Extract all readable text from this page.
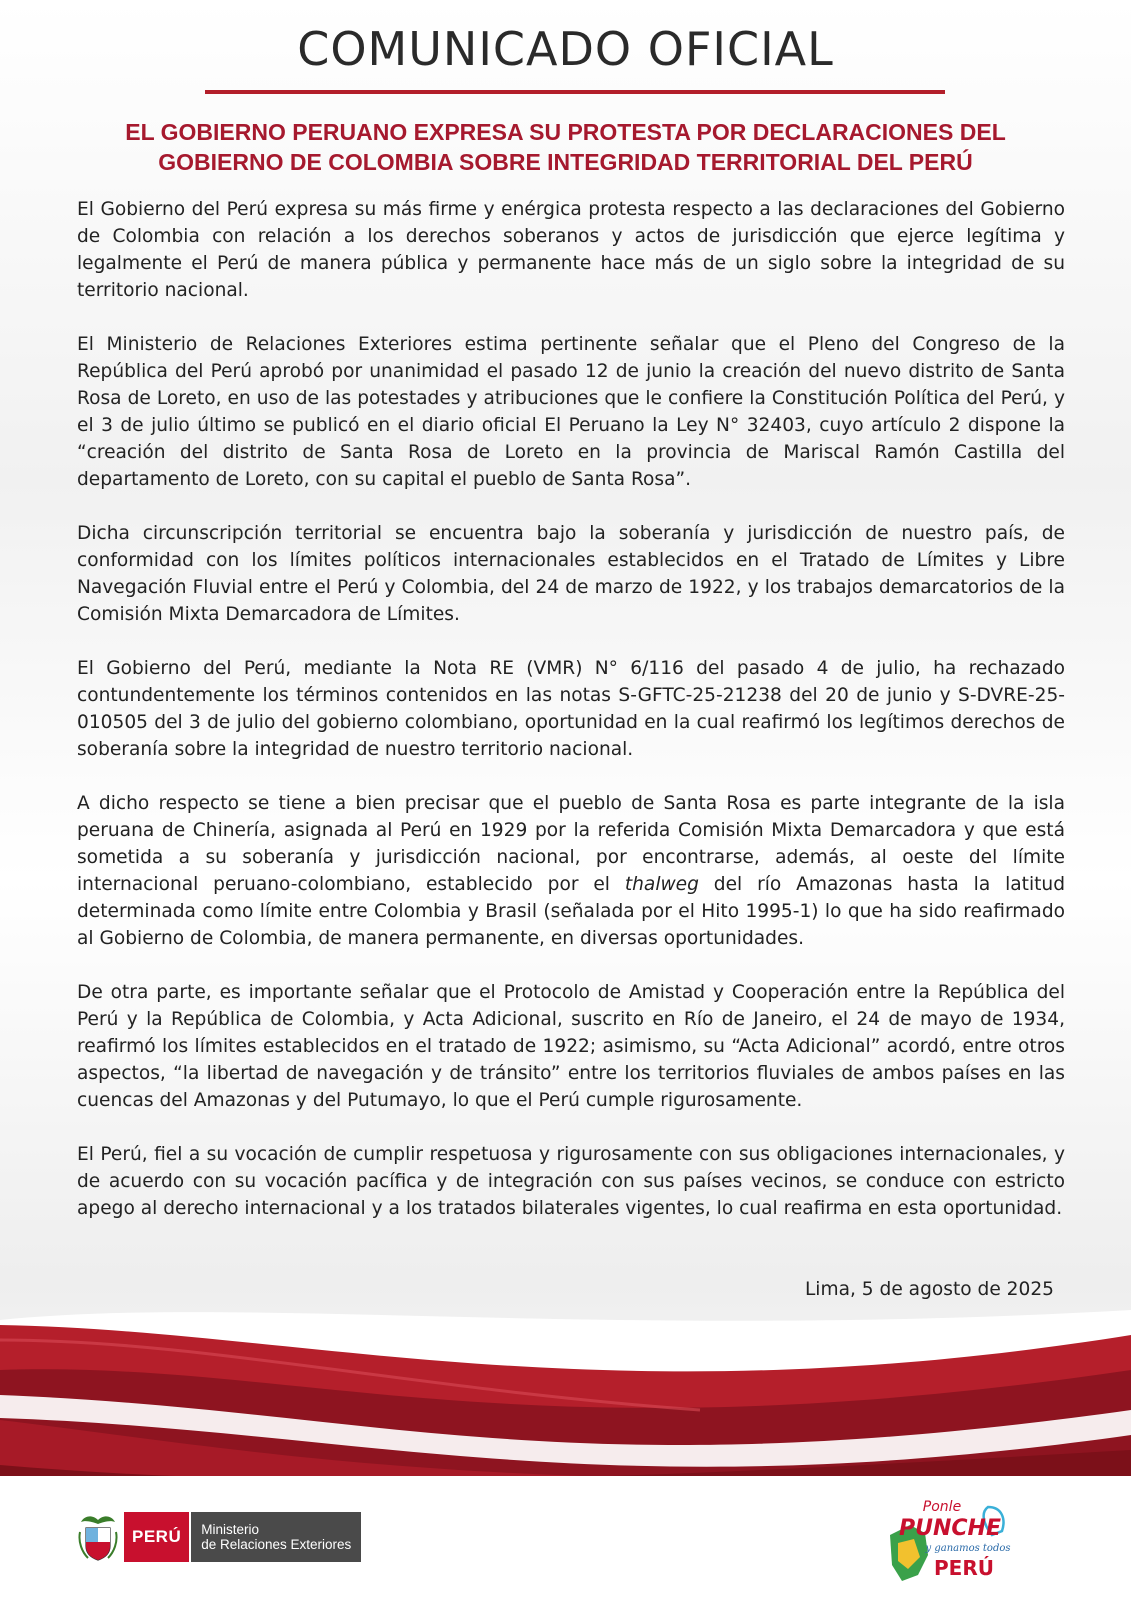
COMUNICADO OFICIAL
EL GOBIERNO PERUANO EXPRESA SU PROTESTA POR DECLARACIONES DEL
GOBIERNO DE COLOMBIA SOBRE INTEGRIDAD TERRITORIAL DEL PERÚ

El Gobierno del Perú expresa su más firme y enérgica protesta respecto a las declaraciones del Gobierno de Colombia con relación a los derechos soberanos y actos de jurisdicción que ejerce legítima y legalmente el Perú de manera pública y permanente hace más de un siglo sobre la integridad de su territorio nacional.

El Ministerio de Relaciones Exteriores estima pertinente señalar que el Pleno del Congreso de la República del Perú aprobó por unanimidad el pasado 12 de junio la creación del nuevo distrito de Santa Rosa de Loreto, en uso de las potestades y atribuciones que le confiere la Constitución Política del Perú, y el 3 de julio último se publicó en el diario oficial El Peruano la Ley N° 32403, cuyo artículo 2 dispone la “creación del distrito de Santa Rosa de Loreto en la provincia de Mariscal Ramón Castilla del departamento de Loreto, con su capital el pueblo de Santa Rosa”.

Dicha circunscripción territorial se encuentra bajo la soberanía y jurisdicción de nuestro país, de conformidad con los límites políticos internacionales establecidos en el Tratado de Límites y Libre Navegación Fluvial entre el Perú y Colombia, del 24 de marzo de 1922, y los trabajos demarcatorios de la Comisión Mixta Demarcadora de Límites.

El Gobierno del Perú, mediante la Nota RE (VMR) N° 6/116 del pasado 4 de julio, ha rechazado contundentemente los términos contenidos en las notas S-GFTC-25-21238 del 20 de junio y S-DVRE-25-010505 del 3 de julio del gobierno colombiano, oportunidad en la cual reafirmó los legítimos derechos de soberanía sobre la integridad de nuestro territorio nacional.

A dicho respecto se tiene a bien precisar que el pueblo de Santa Rosa es parte integrante de la isla peruana de Chinería, asignada al Perú en 1929 por la referida Comisión Mixta Demarcadora y que está sometida a su soberanía y jurisdicción nacional, por encontrarse, además, al oeste del límite internacional peruano-colombiano, establecido por el thalweg del río Amazonas hasta la latitud determinada como límite entre Colombia y Brasil (señalada por el Hito 1995-1) lo que ha sido reafirmado al Gobierno de Colombia, de manera permanente, en diversas oportunidades.

De otra parte, es importante señalar que el Protocolo de Amistad y Cooperación entre la República del Perú y la República de Colombia, y Acta Adicional, suscrito en Río de Janeiro, el 24 de mayo de 1934, reafirmó los límites establecidos en el tratado de 1922; asimismo, su “Acta Adicional” acordó, entre otros aspectos, “la libertad de navegación y de tránsito” entre los territorios fluviales de ambos países en las cuencas del Amazonas y del Putumayo, lo que el Perú cumple rigurosamente.

El Perú, fiel a su vocación de cumplir respetuosa y rigurosamente con sus obligaciones internacionales, y de acuerdo con su vocación pacífica y de integración con sus países vecinos, se conduce con estricto apego al derecho internacional y a los tratados bilaterales vigentes, lo cual reafirma en esta oportunidad.

Lima, 5 de agosto de 2025
PERÚ	Ministerio
de Relaciones Exteriores
Ponle
PUNCHE
y ganamos todos
PERÚ
